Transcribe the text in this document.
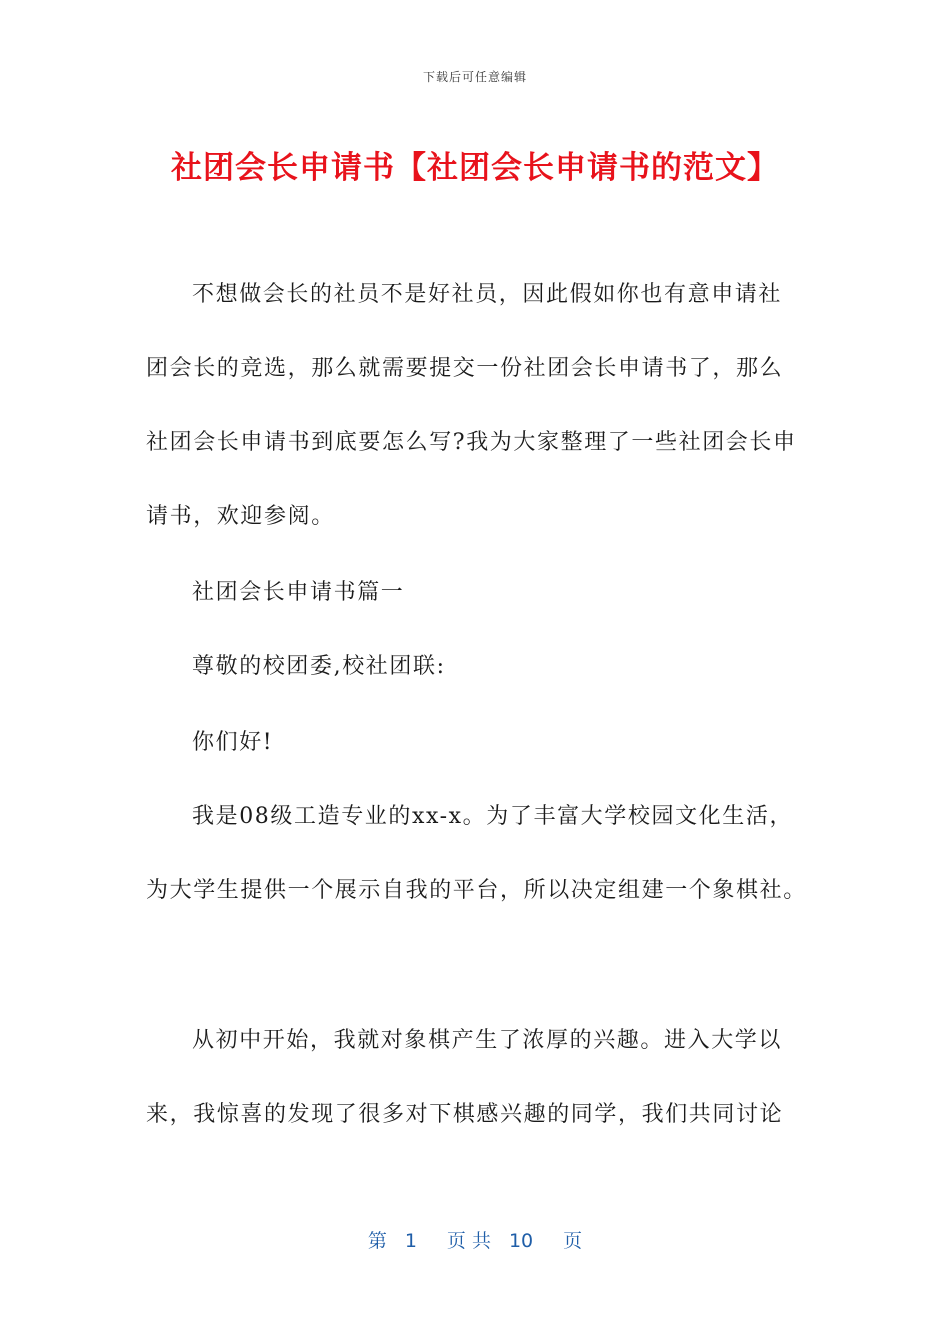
下载后可任意编辑
社团会长申请书【社团会长申请书的范文】
不想做会长的社员不是好社员，因此假如你也有意申请社
团会长的竞选，那么就需要提交一份社团会长申请书了，那么
社团会长申请书到底要怎么写?我为大家整理了一些社团会长申
请书，欢迎参阅。
社团会长申请书篇一
尊敬的校团委,校社团联:
你们好!
我是08级工造专业的xx-x。为了丰富大学校园文化生活，
为大学生提供一个展示自我的平台，所以决定组建一个象棋社。
从初中开始，我就对象棋产生了浓厚的兴趣。进入大学以
来，我惊喜的发现了很多对下棋感兴趣的同学，我们共同讨论
第 1 页 共 10 页
